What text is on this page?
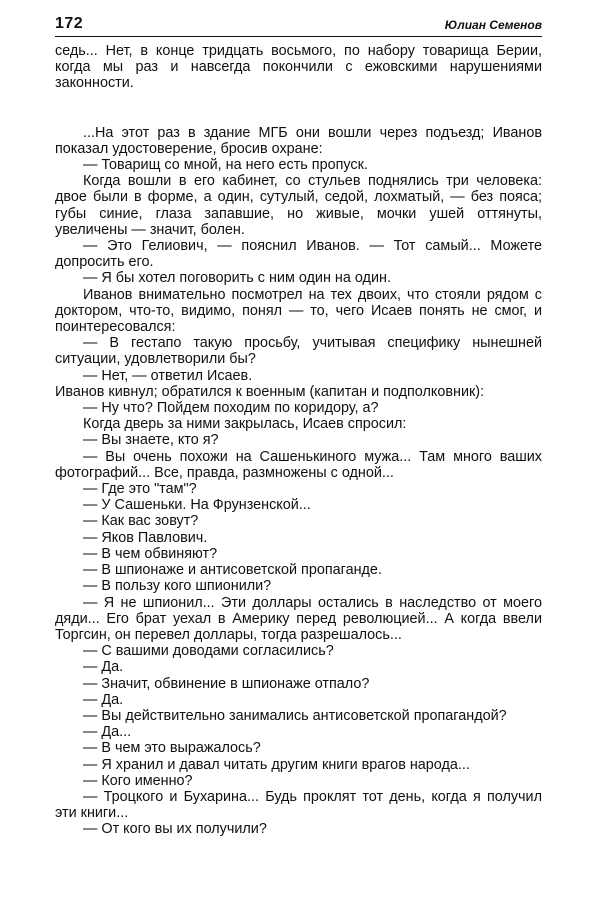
172	Юлиан Семенов

седь... Нет, в конце тридцать восьмого, по набору товарища Берии, когда мы раз и навсегда покончили с ежовскими нарушениями законности.

...На этот раз в здание МГБ они вошли через подъезд; Иванов показал удостоверение, бросив охране:

— Товарищ со мной, на него есть пропуск.

Когда вошли в его кабинет, со стульев поднялись три человека: двое были в форме, а один, сутулый, седой, лохматый, — без пояса; губы синие, глаза запавшие, но живые, мочки ушей оттянуты, увеличены — значит, болен.

— Это Гелиович, — пояснил Иванов. — Тот самый... Можете допросить его.

— Я бы хотел поговорить с ним один на один.

Иванов внимательно посмотрел на тех двоих, что стояли рядом с доктором, что-то, видимо, понял — то, чего Исаев понять не смог, и поинтересовался:

— В гестапо такую просьбу, учитывая специфику нынешней ситуации, удовлетворили бы?

— Нет, — ответил Исаев.

Иванов кивнул; обратился к военным (капитан и подполковник):

— Ну что? Пойдем походим по коридору, а?

Когда дверь за ними закрылась, Исаев спросил:

— Вы знаете, кто я?

— Вы очень похожи на Сашенькиного мужа... Там много ваших фотографий... Все, правда, размножены с одной...

— Где это "там"?

— У Сашеньки. На Фрунзенской...

— Как вас зовут?

— Яков Павлович.

— В чем обвиняют?

— В шпионаже и антисоветской пропаганде.

— В пользу кого шпионили?

— Я не шпионил... Эти доллары остались в наследство от моего дяди... Его брат уехал в Америку перед революцией... А когда ввели Торгсин, он перевел доллары, тогда разрешалось...

— С вашими доводами согласились?

— Да.

— Значит, обвинение в шпионаже отпало?

— Да.

— Вы действительно занимались антисоветской пропагандой?

— Да...

— В чем это выражалось?

— Я хранил и давал читать другим книги врагов народа...

— Кого именно?

— Троцкого и Бухарина... Будь проклят тот день, когда я получил эти книги...

— От кого вы их получили?
